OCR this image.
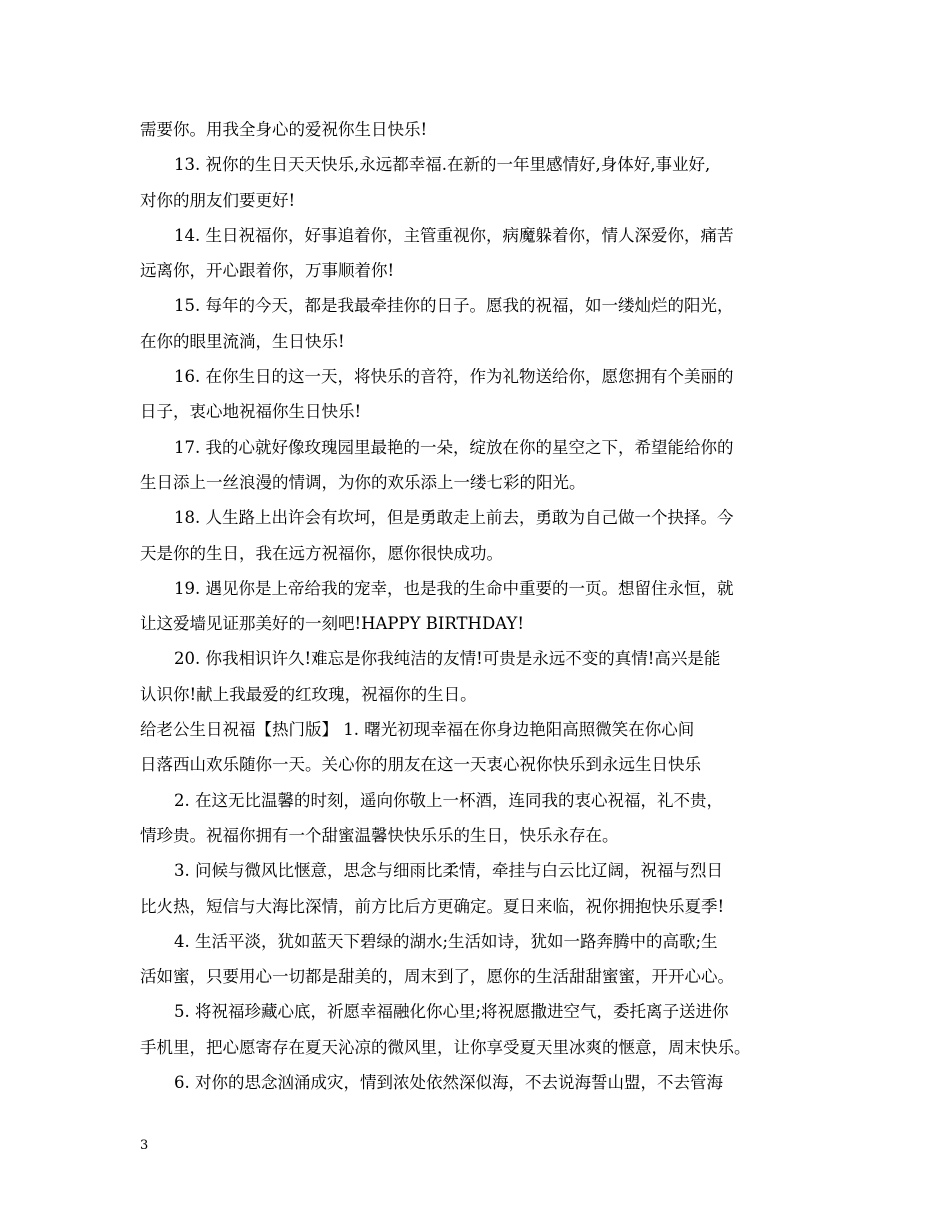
需要你。用我全身心的爱祝你生日快乐!
13. 祝你的生日天天快乐,永远都幸福.在新的一年里感情好,身体好,事业好,
对你的朋友们要更好!
14. 生日祝福你，好事追着你，主管重视你，病魔躲着你，情人深爱你，痛苦
远离你，开心跟着你，万事顺着你!
15. 每年的今天，都是我最牵挂你的日子。愿我的祝福，如一缕灿烂的阳光，
在你的眼里流淌，生日快乐!
16. 在你生日的这一天，将快乐的音符，作为礼物送给你，愿您拥有个美丽的
日子，衷心地祝福你生日快乐!
17. 我的心就好像玫瑰园里最艳的一朵，绽放在你的星空之下，希望能给你的
生日添上一丝浪漫的情调，为你的欢乐添上一缕七彩的阳光。
18. 人生路上出许会有坎坷，但是勇敢走上前去，勇敢为自己做一个抉择。今
天是你的生日，我在远方祝福你，愿你很快成功。
19. 遇见你是上帝给我的宠幸，也是我的生命中重要的一页。想留住永恒，就
让这爱墙见证那美好的一刻吧!HAPPY BIRTHDAY!
20. 你我相识许久!难忘是你我纯洁的友情!可贵是永远不变的真情!高兴是能
认识你!献上我最爱的红玫瑰，祝福你的生日。
给老公生日祝福【热门版】 1. 曙光初现幸福在你身边艳阳高照微笑在你心间
日落西山欢乐随你一天。关心你的朋友在这一天衷心祝你快乐到永远生日快乐
2. 在这无比温馨的时刻，遥向你敬上一杯酒，连同我的衷心祝福，礼不贵，
情珍贵。祝福你拥有一个甜蜜温馨快快乐乐的生日，快乐永存在。
3. 问候与微风比惬意，思念与细雨比柔情，牵挂与白云比辽阔，祝福与烈日
比火热，短信与大海比深情，前方比后方更确定。夏日来临，祝你拥抱快乐夏季!
4. 生活平淡，犹如蓝天下碧绿的湖水;生活如诗，犹如一路奔腾中的高歌;生
活如蜜，只要用心一切都是甜美的，周末到了，愿你的生活甜甜蜜蜜，开开心心。
5. 将祝福珍藏心底，祈愿幸福融化你心里;将祝愿撒进空气，委托离子送进你
手机里，把心愿寄存在夏天沁凉的微风里，让你享受夏天里冰爽的惬意，周末快乐。
6. 对你的思念汹涌成灾，情到浓处依然深似海，不去说海誓山盟，不去管海
3
